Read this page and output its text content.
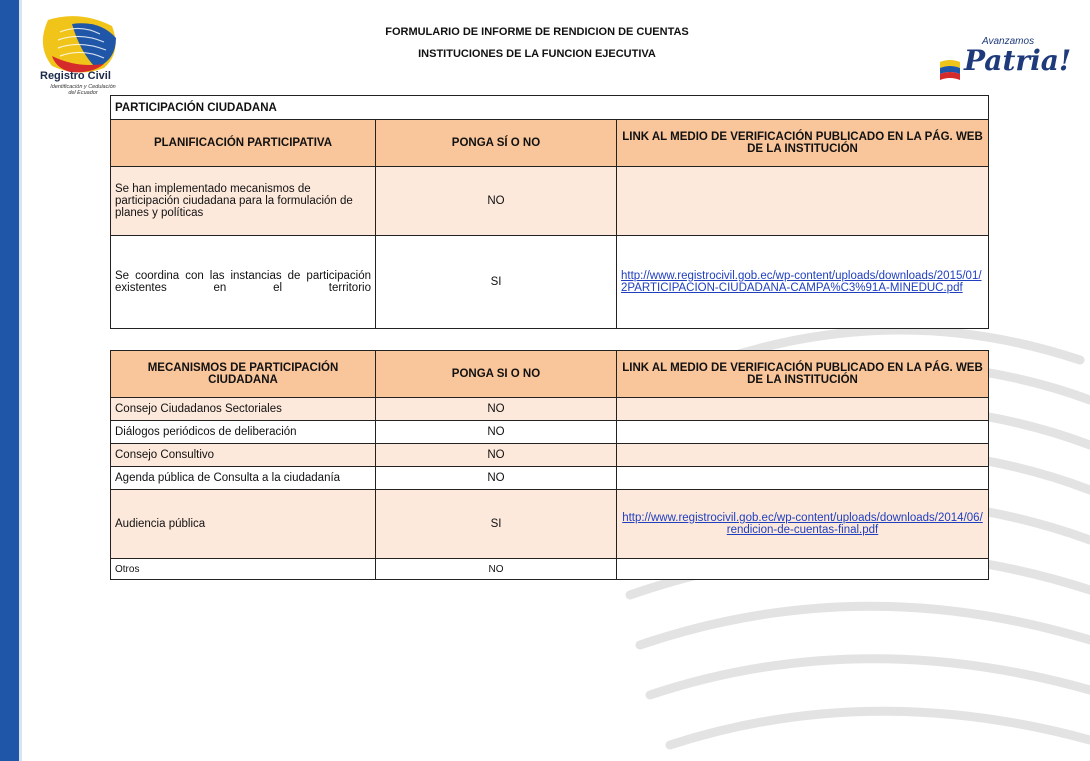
Registro Civil
Identificación y Cedulación del Ecuador
Avanzamos
Patria!
FORMULARIO DE INFORME DE RENDICION DE CUENTAS
INSTITUCIONES DE LA FUNCION EJECUTIVA
PARTICIPACIÓN CIUDADANA		
PLANIFICACIÓN PARTICIPATIVA	PONGA SÍ O NO	LINK AL MEDIO DE VERIFICACIÓN PUBLICADO EN LA PÁG. WEB DE LA INSTITUCIÓN
Se han implementado mecanismos de participación ciudadana para la formulación de planes y políticas	NO	
Se coordina con las instancias de participación existentes en el territorio	SI	http://www.registrocivil.gob.ec/wp-content/uploads/downloads/2015/01/2PARTICIPACION-CIUDADANA-CAMPA%C3%91A-MINEDUC.pdf
MECANISMOS DE PARTICIPACIÓN CIUDADANA	PONGA SI O NO	LINK AL MEDIO DE VERIFICACIÓN PUBLICADO EN LA PÁG. WEB DE LA INSTITUCIÓN
Consejo Ciudadanos Sectoriales	NO	
Diálogos periódicos de deliberación	NO	
Consejo Consultivo	NO	
Agenda pública de Consulta a la ciudadanía	NO	
Audiencia pública	SI	http://www.registrocivil.gob.ec/wp-content/uploads/downloads/2014/06/rendicion-de-cuentas-final.pdf
Otros	NO	
